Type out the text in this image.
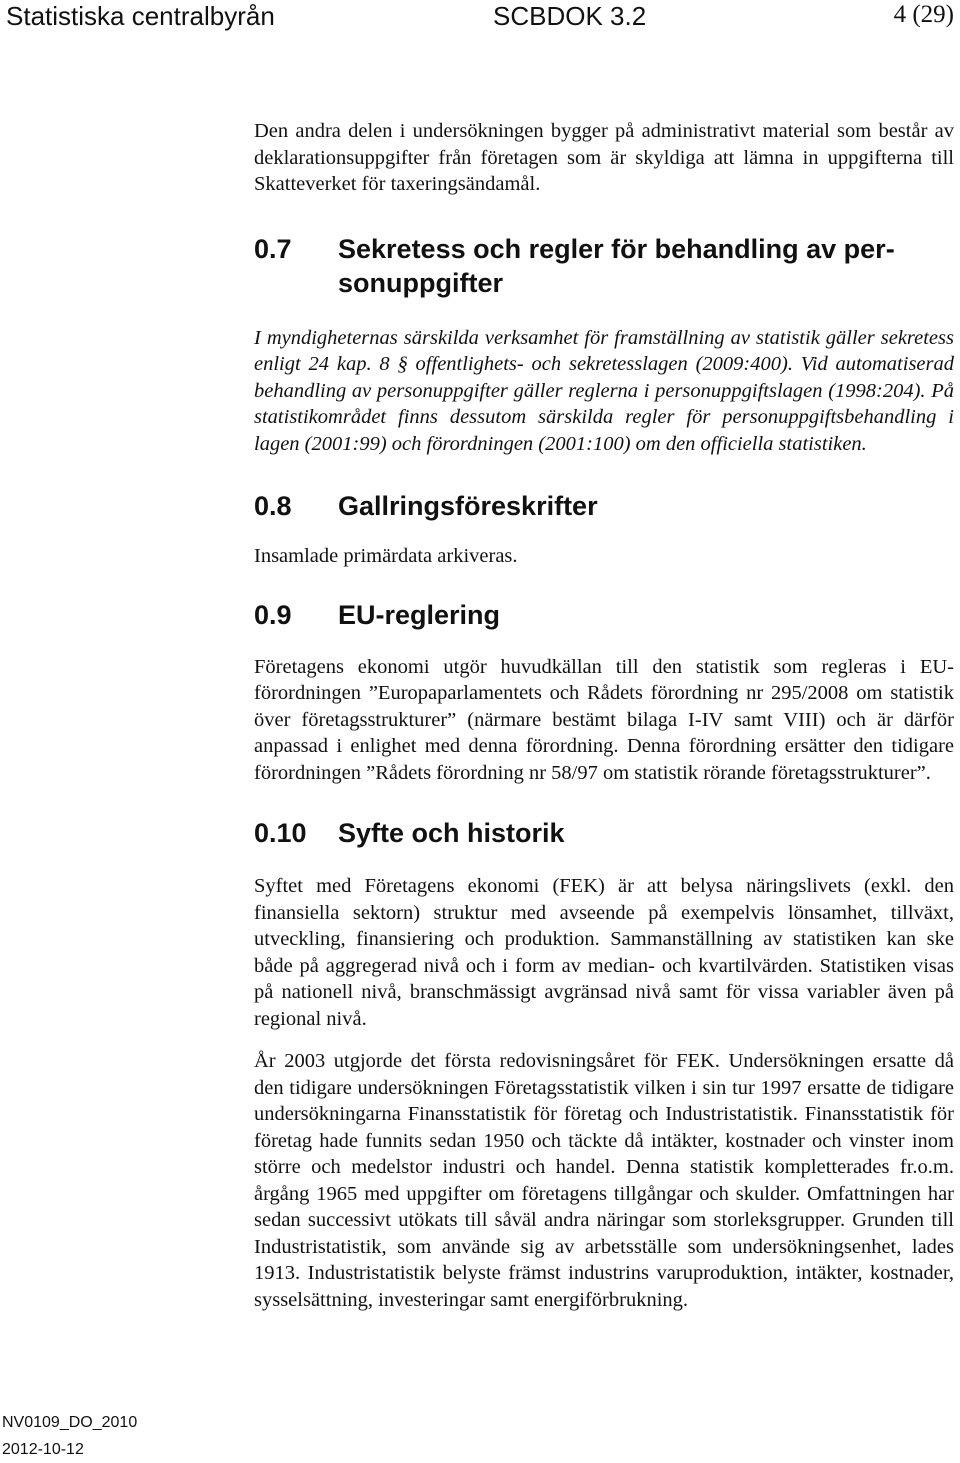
Statistiska centralbyrån	SCBDOK 3.2	4 (29)

Den andra delen i undersökningen bygger på administrativt material som består av deklarationsuppgifter från företagen som är skyldiga att lämna in uppgifterna till Skatteverket för taxeringsändamål.

0.7 Sekretess och regler för behandling av personuppgifter

I myndigheternas särskilda verksamhet för framställning av statistik gäller sekretess enligt 24 kap. 8 § offentlighets- och sekretesslagen (2009:400). Vid automatiserad behandling av personuppgifter gäller reglerna i personuppgiftslagen (1998:204). På statistikområdet finns dessutom särskilda regler för personuppgiftsbehandling i lagen (2001:99) och förordningen (2001:100) om den officiella statistiken.

0.8 Gallringsföreskrifter

Insamlade primärdata arkiveras.

0.9 EU-reglering

Företagens ekonomi utgör huvudkällan till den statistik som regleras i EU-förordningen ”Europaparlamentets och Rådets förordning nr 295/2008 om statistik över företagsstrukturer” (närmare bestämt bilaga I-IV samt VIII) och är därför anpassad i enlighet med denna förordning. Denna förordning ersätter den tidigare förordningen ”Rådets förordning nr 58/97 om statistik rörande företagsstrukturer”.

0.10 Syfte och historik

Syftet med Företagens ekonomi (FEK) är att belysa näringslivets (exkl. den finansiella sektorn) struktur med avseende på exempelvis lönsamhet, tillväxt, utveckling, finansiering och produktion. Sammanställning av statistiken kan ske både på aggregerad nivå och i form av median- och kvartilvärden. Statistiken visas på nationell nivå, branschmässigt avgränsad nivå samt för vissa variabler även på regional nivå.

År 2003 utgjorde det första redovisningsåret för FEK. Undersökningen ersatte då den tidigare undersökningen Företagsstatistik vilken i sin tur 1997 ersatte de tidigare undersökningarna Finansstatistik för företag och Industristatistik. Finansstatistik för företag hade funnits sedan 1950 och täckte då intäkter, kostnader och vinster inom större och medelstor industri och handel. Denna statistik kompletterades fr.o.m. årgång 1965 med uppgifter om företagens tillgångar och skulder. Omfattningen har sedan successivt utökats till såväl andra näringar som storleksgrupper. Grunden till Industristatistik, som använde sig av arbetsställe som undersökningsenhet, lades 1913. Industristatistik belyste främst industrins varuproduktion, intäkter, kostnader, sysselsättning, investeringar samt energiförbrukning.

NV0109_DO_2010
2012-10-12
